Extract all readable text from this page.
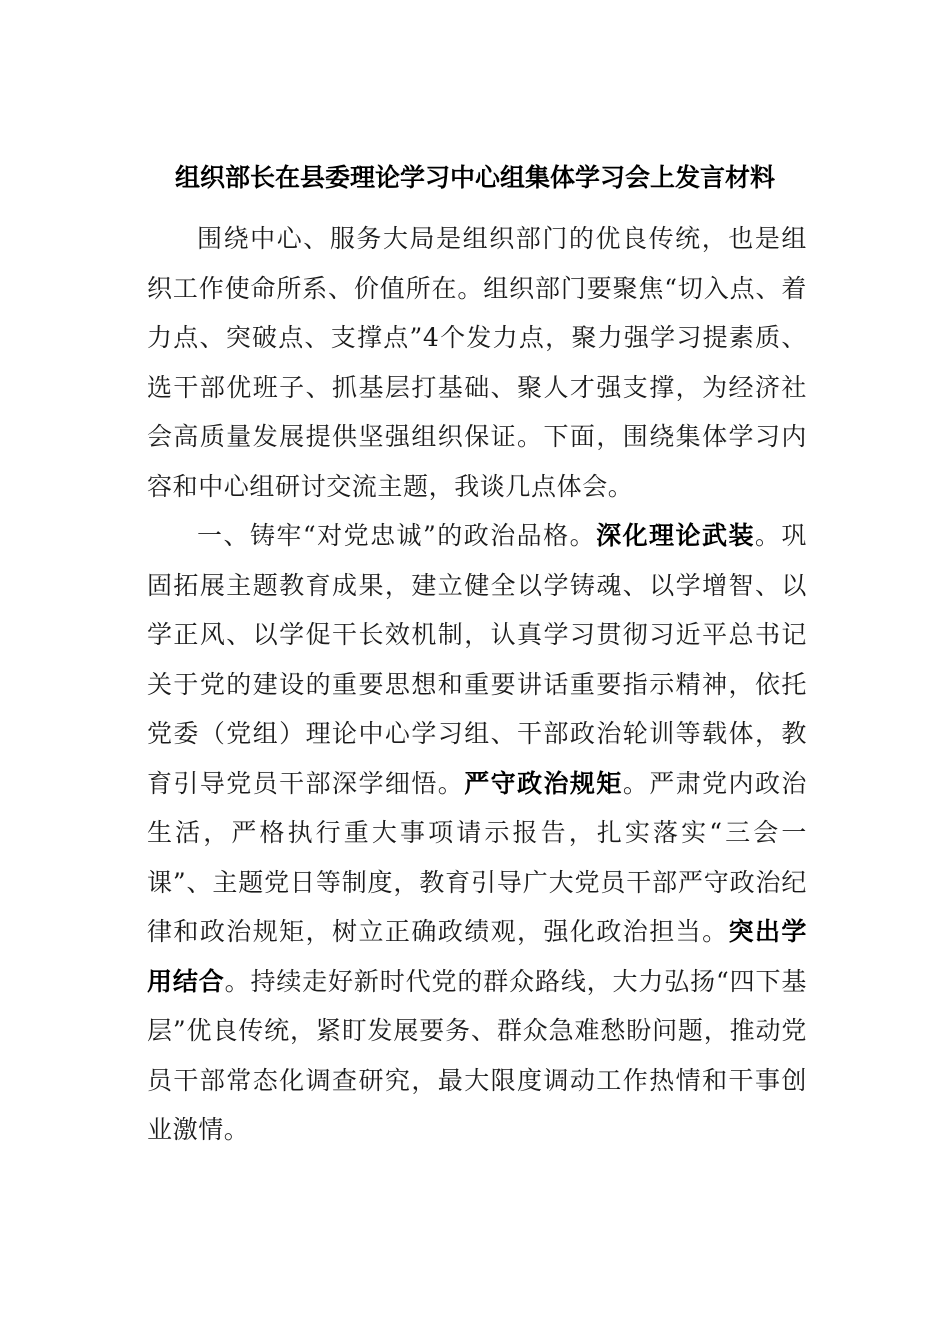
组织部长在县委理论学习中心组集体学习会上发言材料

围绕中心、服务大局是组织部门的优良传统，也是组织工作使命所系、价值所在。组织部门要聚焦“切入点、着力点、突破点、支撑点”4个发力点，聚力强学习提素质、选干部优班子、抓基层打基础、聚人才强支撑，为经济社会高质量发展提供坚强组织保证。下面，围绕集体学习内容和中心组研讨交流主题，我谈几点体会。

一、铸牢“对党忠诚”的政治品格。深化理论武装。巩固拓展主题教育成果，建立健全以学铸魂、以学增智、以学正风、以学促干长效机制，认真学习贯彻习近平总书记关于党的建设的重要思想和重要讲话重要指示精神，依托党委（党组）理论中心学习组、干部政治轮训等载体，教育引导党员干部深学细悟。严守政治规矩。严肃党内政治生活，严格执行重大事项请示报告，扎实落实“三会一课”、主题党日等制度，教育引导广大党员干部严守政治纪律和政治规矩，树立正确政绩观，强化政治担当。突出学用结合。持续走好新时代党的群众路线，大力弘扬“四下基层”优良传统，紧盯发展要务、群众急难愁盼问题，推动党员干部常态化调查研究，最大限度调动工作热情和干事创业激情。
